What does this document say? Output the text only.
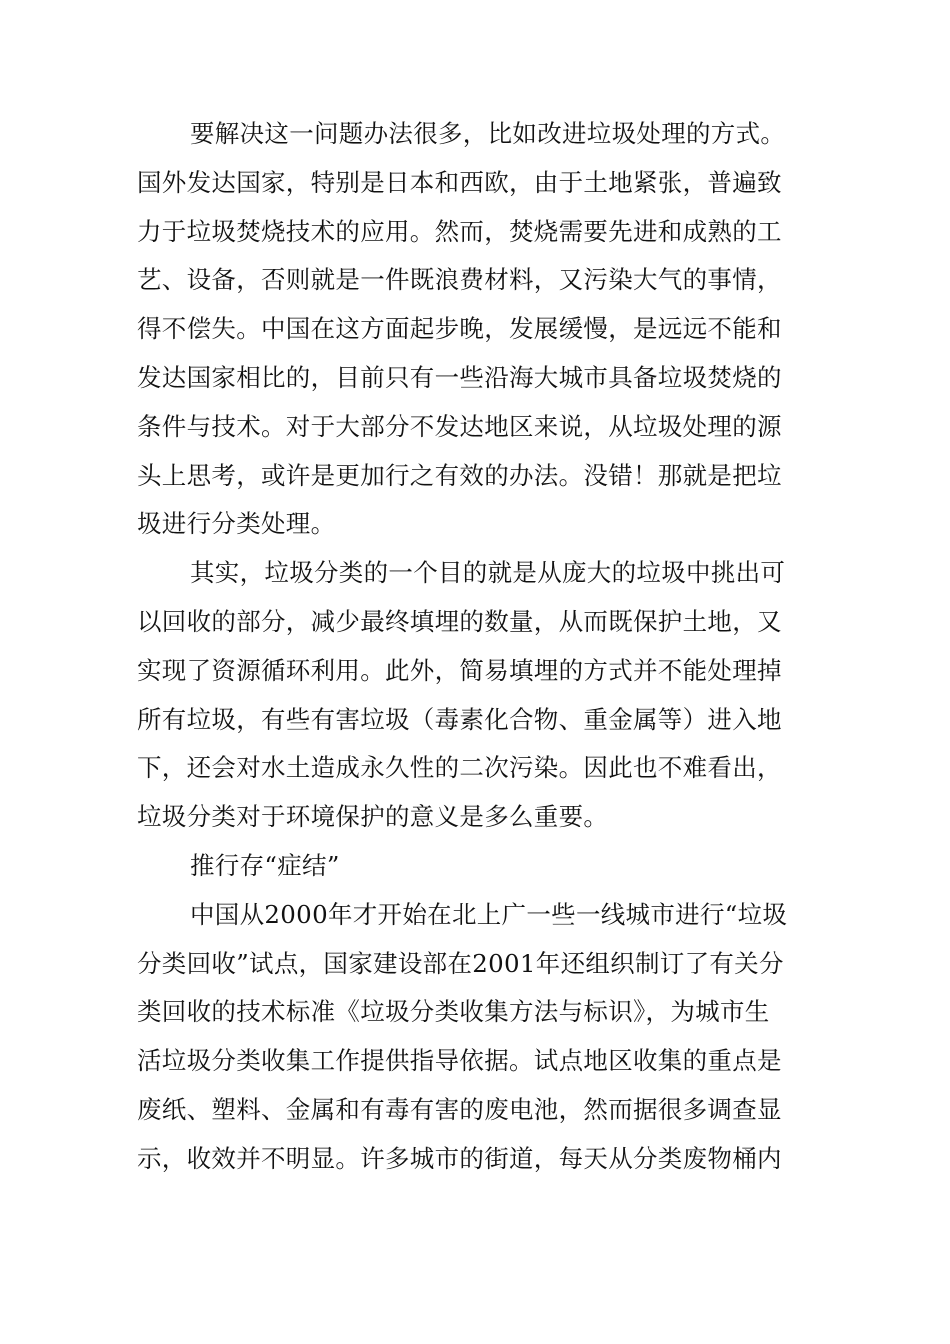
要解决这一问题办法很多，比如改进垃圾处理的方式。
国外发达国家，特别是日本和西欧，由于土地紧张，普遍致
力于垃圾焚烧技术的应用。然而，焚烧需要先进和成熟的工
艺、设备，否则就是一件既浪费材料，又污染大气的事情，
得不偿失。中国在这方面起步晚，发展缓慢，是远远不能和
发达国家相比的，目前只有一些沿海大城市具备垃圾焚烧的
条件与技术。对于大部分不发达地区来说，从垃圾处理的源
头上思考，或许是更加行之有效的办法。没错！那就是把垃
圾进行分类处理。
其实，垃圾分类的一个目的就是从庞大的垃圾中挑出可
以回收的部分，减少最终填埋的数量，从而既保护土地，又
实现了资源循环利用。此外，简易填埋的方式并不能处理掉
所有垃圾，有些有害垃圾（毒素化合物、重金属等）进入地
下，还会对水土造成永久性的二次污染。因此也不难看出，
垃圾分类对于环境保护的意义是多么重要。
推行存“症结”
中国从2000年才开始在北上广一些一线城市进行“垃圾
分类回收”试点，国家建设部在2001年还组织制订了有关分
类回收的技术标准《垃圾分类收集方法与标识》，为城市生
活垃圾分类收集工作提供指导依据。试点地区收集的重点是
废纸、塑料、金属和有毒有害的废电池，然而据很多调查显
示，收效并不明显。许多城市的街道，每天从分类废物桶内
